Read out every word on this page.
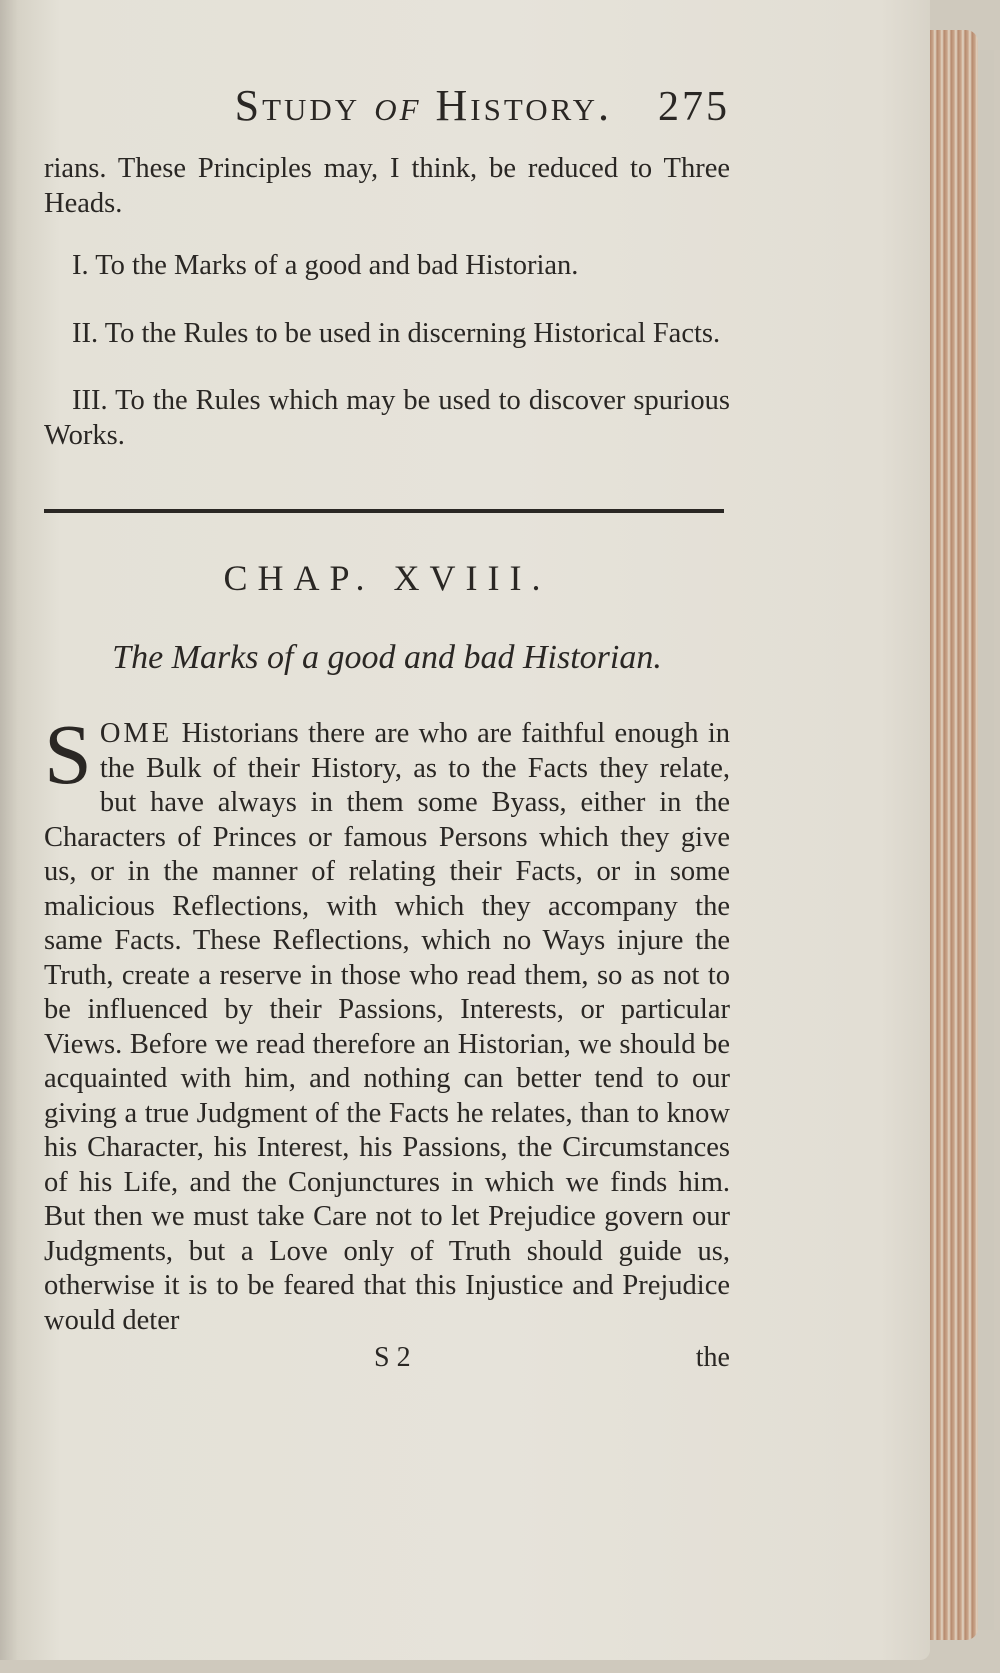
Study of History. 275

rians. These Principles may, I think, be reduced to Three Heads.

I. To the Marks of a good and bad Historian.

II. To the Rules to be used in discerning Historical Facts.

III. To the Rules which may be used to discover spurious Works.

CHAP. XVIII.
The Marks of a good and bad Historian.

SOME Historians there are who are faithful enough in the Bulk of their History, as to the Facts they relate, but have always in them some Byass, either in the Characters of Princes or famous Persons which they give us, or in the manner of relating their Facts, or in some malicious Reflections, with which they accompany the same Facts. These Reflections, which no Ways injure the Truth, create a reserve in those who read them, so as not to be influenced by their Passions, Interests, or particular Views. Before we read therefore an Historian, we should be acquainted with him, and nothing can better tend to our giving a true Judgment of the Facts he relates, than to know his Character, his Interest, his Passions, the Circumstances of his Life, and the Conjunctures in which we finds him. But then we must take Care not to let Prejudice govern our Judgments, but a Love only of Truth should guide us, otherwise it is to be feared that this Injustice and Prejudice would deter

S 2	the
